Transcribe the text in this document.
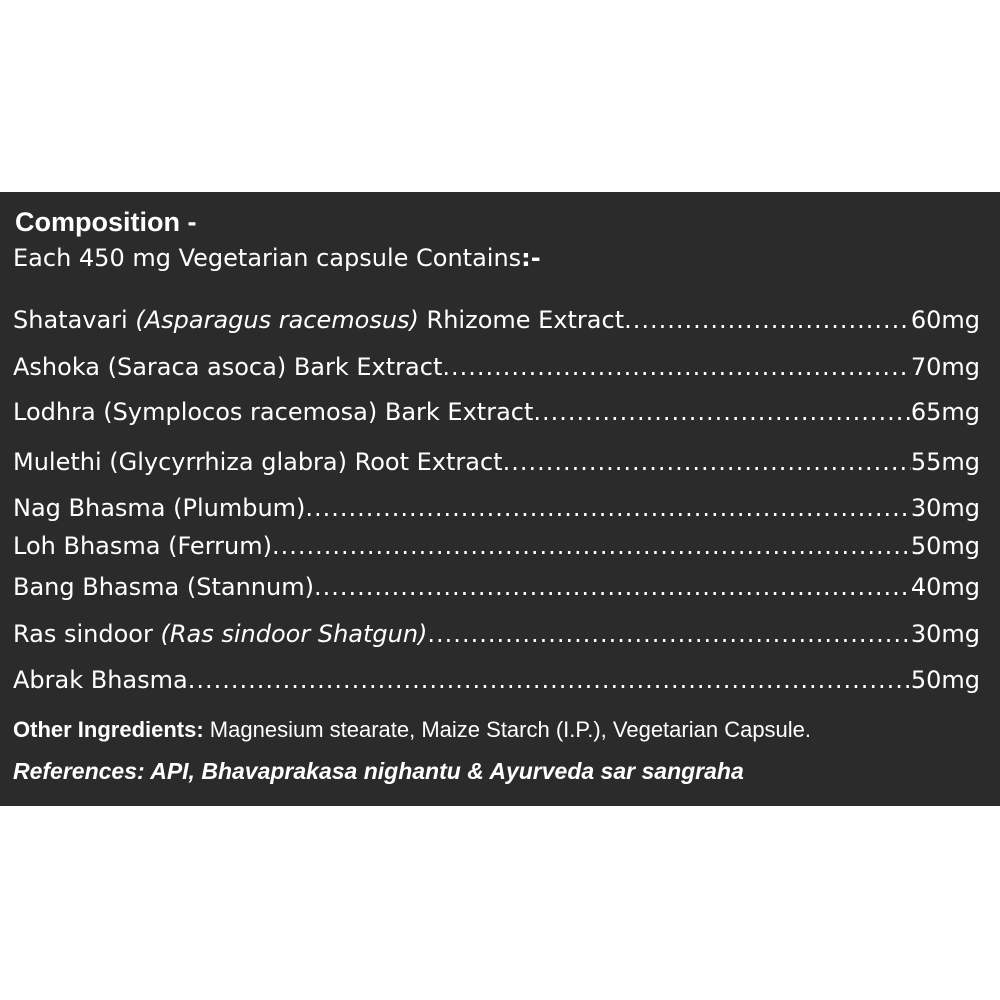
Composition -
Each 450 mg Vegetarian capsule Contains:-
Shatavari (Asparagus racemosus) Rhizome Extract .....	60mg
Ashoka (Saraca asoca) Bark Extract .....	70mg
Lodhra (Symplocos racemosa) Bark Extract .....	65mg
Mulethi (Glycyrrhiza glabra) Root Extract .....	55mg
Nag Bhasma (Plumbum) .....	30mg
Loh Bhasma (Ferrum) .....	50mg
Bang Bhasma (Stannum) .....	40mg
Ras sindoor (Ras sindoor Shatgun) .....	30mg
Abrak Bhasma .....	50mg
Other Ingredients: Magnesium stearate, Maize Starch (I.P.), Vegetarian Capsule.
References: API, Bhavaprakasa nighantu & Ayurveda sar sangraha
